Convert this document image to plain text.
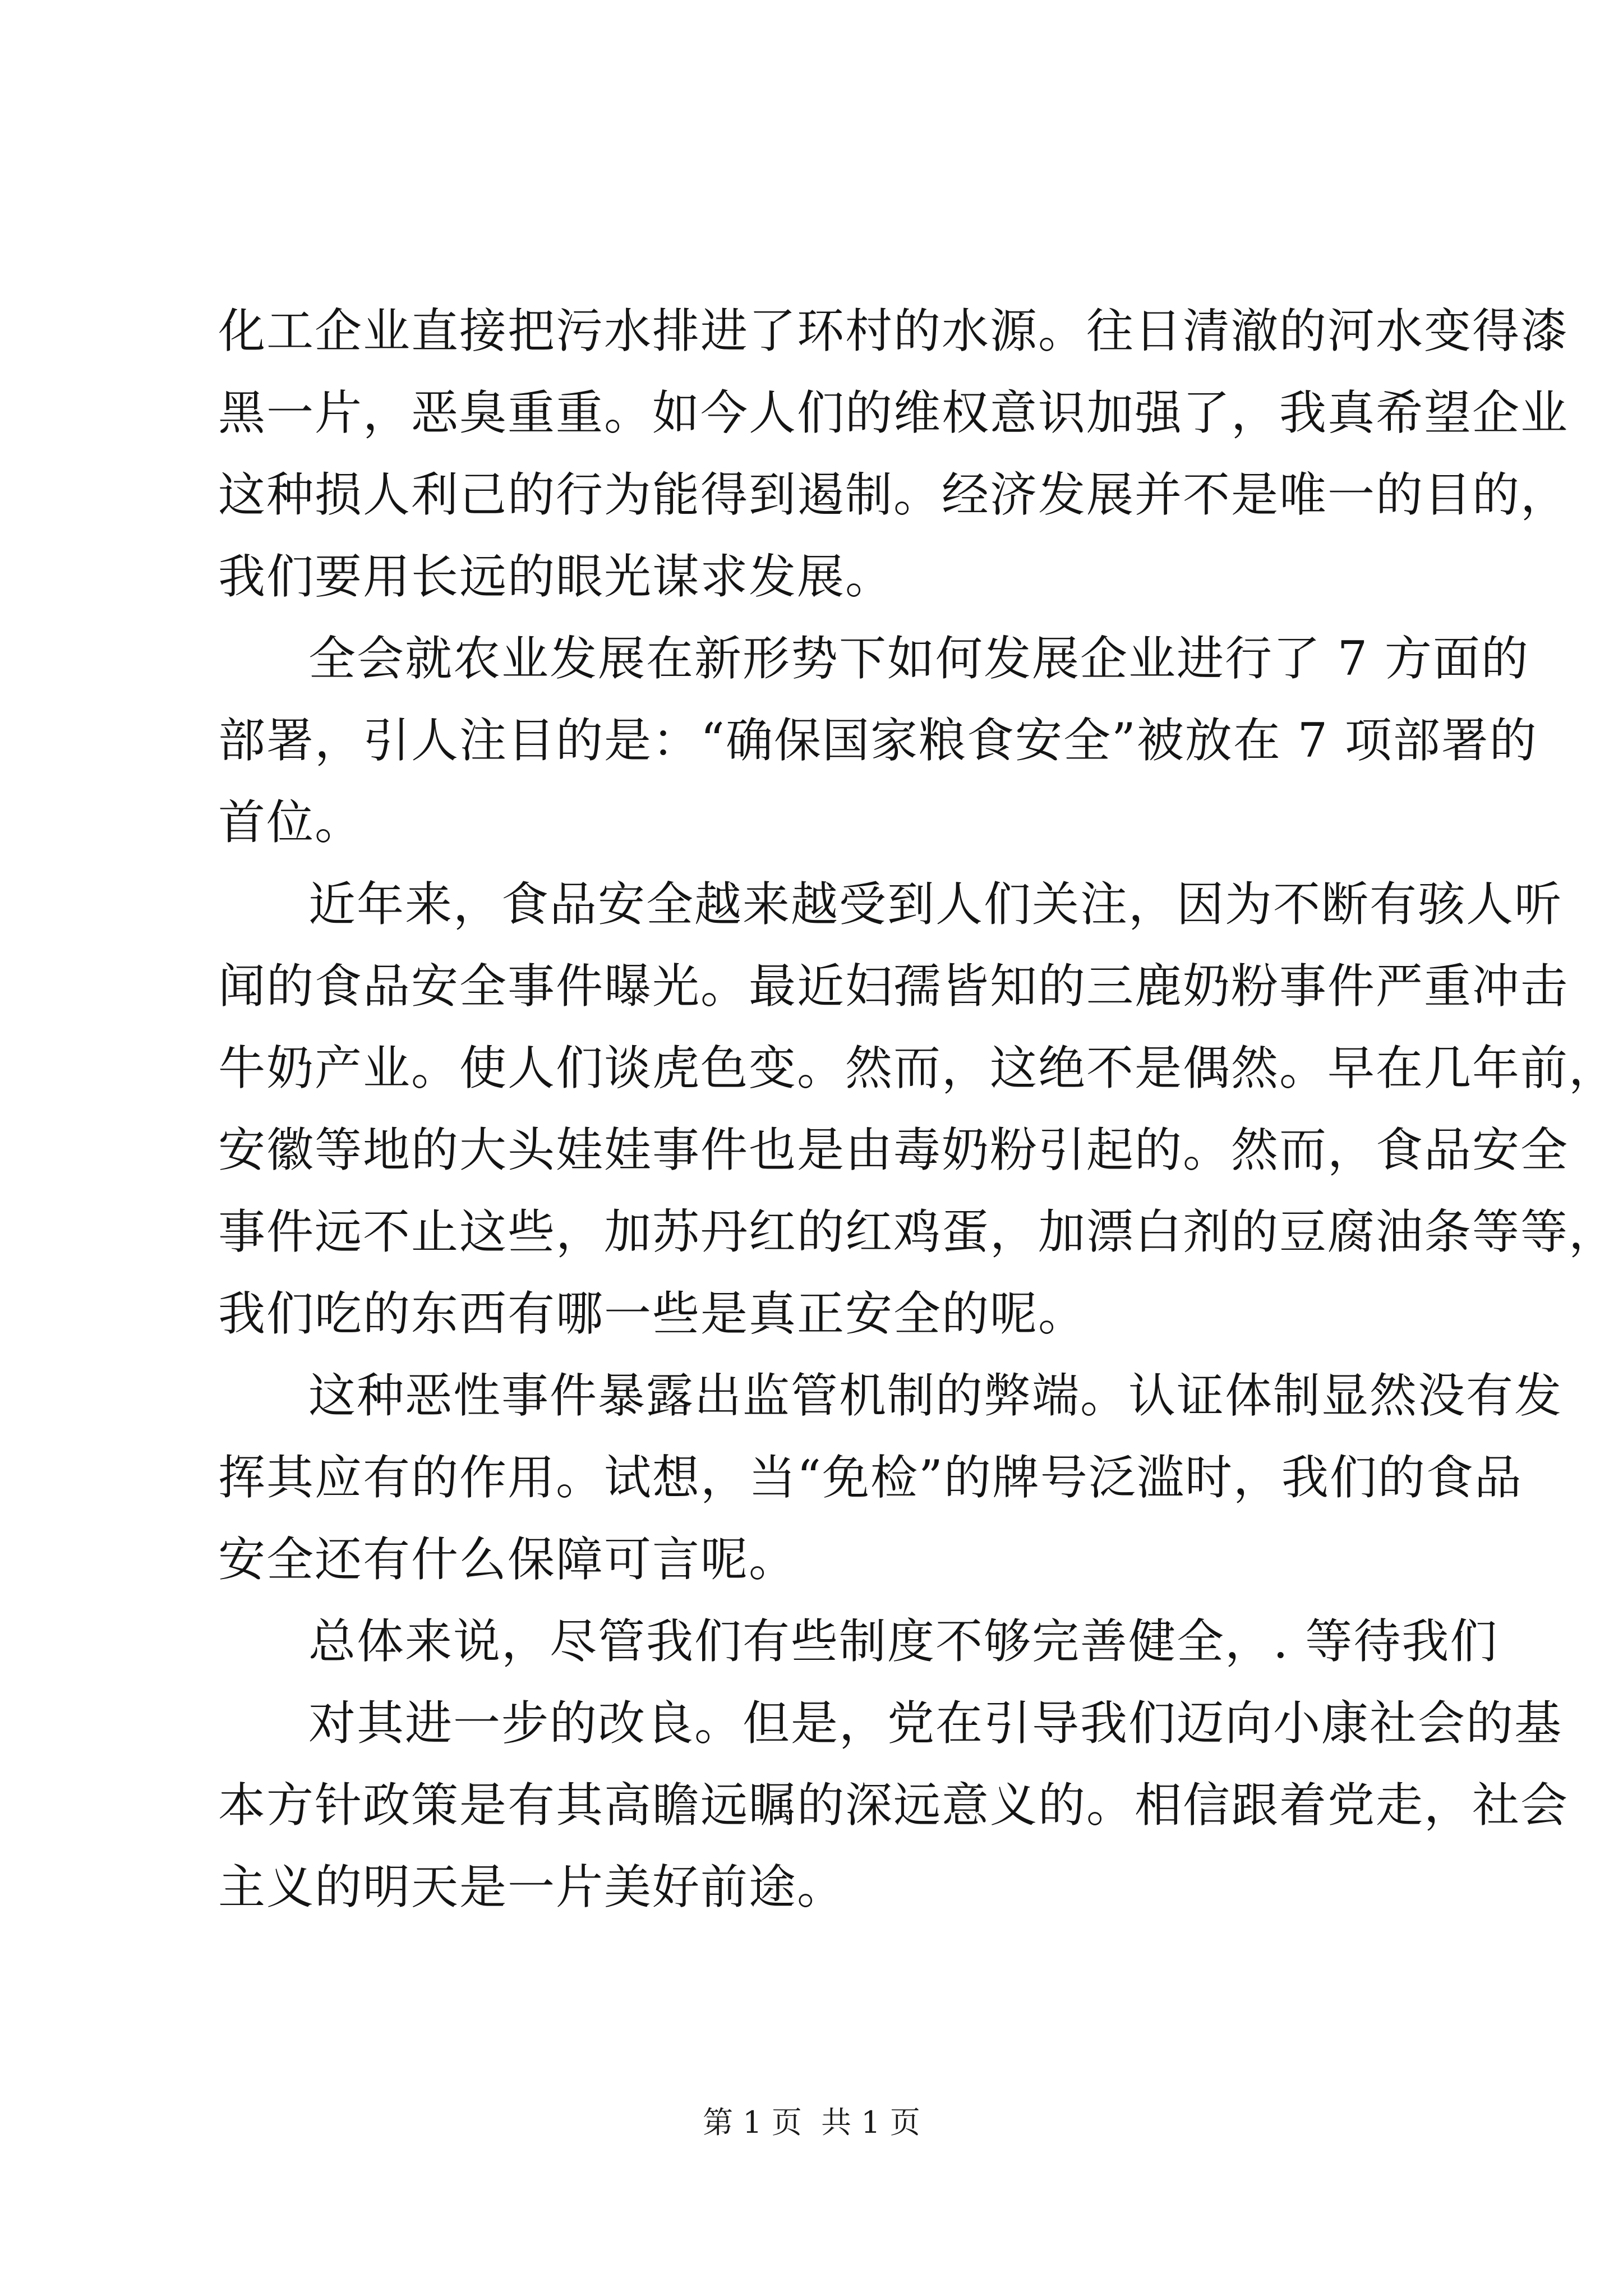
化工企业直接把污水排进了环村的水源。往日清澈的河水变得漆
黑一片，恶臭重重。如今人们的维权意识加强了，我真希望企业
这种损人利己的行为能得到遏制。经济发展并不是唯一的目的，
我们要用长远的眼光谋求发展。
全会就农业发展在新形势下如何发展企业进行了 7 方面的
部署，引人注目的是：“确保国家粮食安全”被放在 7 项部署的
首位。
近年来，食品安全越来越受到人们关注，因为不断有骇人听
闻的食品安全事件曝光。最近妇孺皆知的三鹿奶粉事件严重冲击
牛奶产业。使人们谈虎色变。然而，这绝不是偶然。早在几年前，
安徽等地的大头娃娃事件也是由毒奶粉引起的。然而，食品安全
事件远不止这些，加苏丹红的红鸡蛋，加漂白剂的豆腐油条等等，
我们吃的东西有哪一些是真正安全的呢。
这种恶性事件暴露出监管机制的弊端。认证体制显然没有发
挥其应有的作用。试想，当“免检”的牌号泛滥时，我们的食品
安全还有什么保障可言呢。
总体来说，尽管我们有些制度不够完善健全，. 等待我们
对其进一步的改良。但是，党在引导我们迈向小康社会的基
本方针政策是有其高瞻远瞩的深远意义的。相信跟着党走，社会
主义的明天是一片美好前途。
第 1 页  共 1 页
